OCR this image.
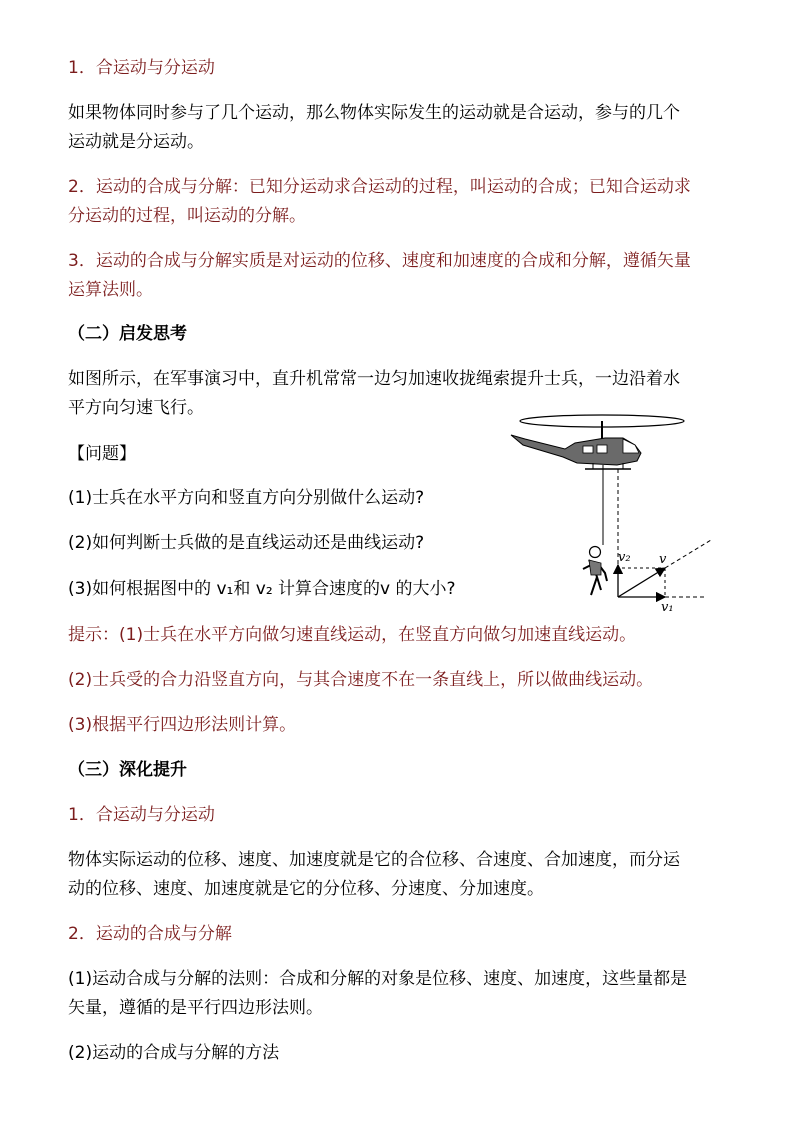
1．合运动与分运动
如果物体同时参与了几个运动，那么物体实际发生的运动就是合运动，参与的几个
运动就是分运动。
2．运动的合成与分解：已知分运动求合运动的过程，叫运动的合成；已知合运动求
分运动的过程，叫运动的分解。
3．运动的合成与分解实质是对运动的位移、速度和加速度的合成和分解，遵循矢量
运算法则。
（二）启发思考
如图所示，在军事演习中，直升机常常一边匀加速收拢绳索提升士兵，一边沿着水
平方向匀速飞行。
【问题】
(1)士兵在水平方向和竖直方向分别做什么运动?
(2)如何判断士兵做的是直线运动还是曲线运动?
(3)如何根据图中的 v₁和 v₂ 计算合速度的v 的大小?
提示：(1)士兵在水平方向做匀速直线运动，在竖直方向做匀加速直线运动。
(2)士兵受的合力沿竖直方向，与其合速度不在一条直线上，所以做曲线运动。
(3)根据平行四边形法则计算。
（三）深化提升
1．合运动与分运动
物体实际运动的位移、速度、加速度就是它的合位移、合速度、合加速度，而分运
动的位移、速度、加速度就是它的分位移、分速度、分加速度。
2．运动的合成与分解
(1)运动合成与分解的法则：合成和分解的对象是位移、速度、加速度，这些量都是
矢量，遵循的是平行四边形法则。
(2)运动的合成与分解的方法
v₂ v
v₁
